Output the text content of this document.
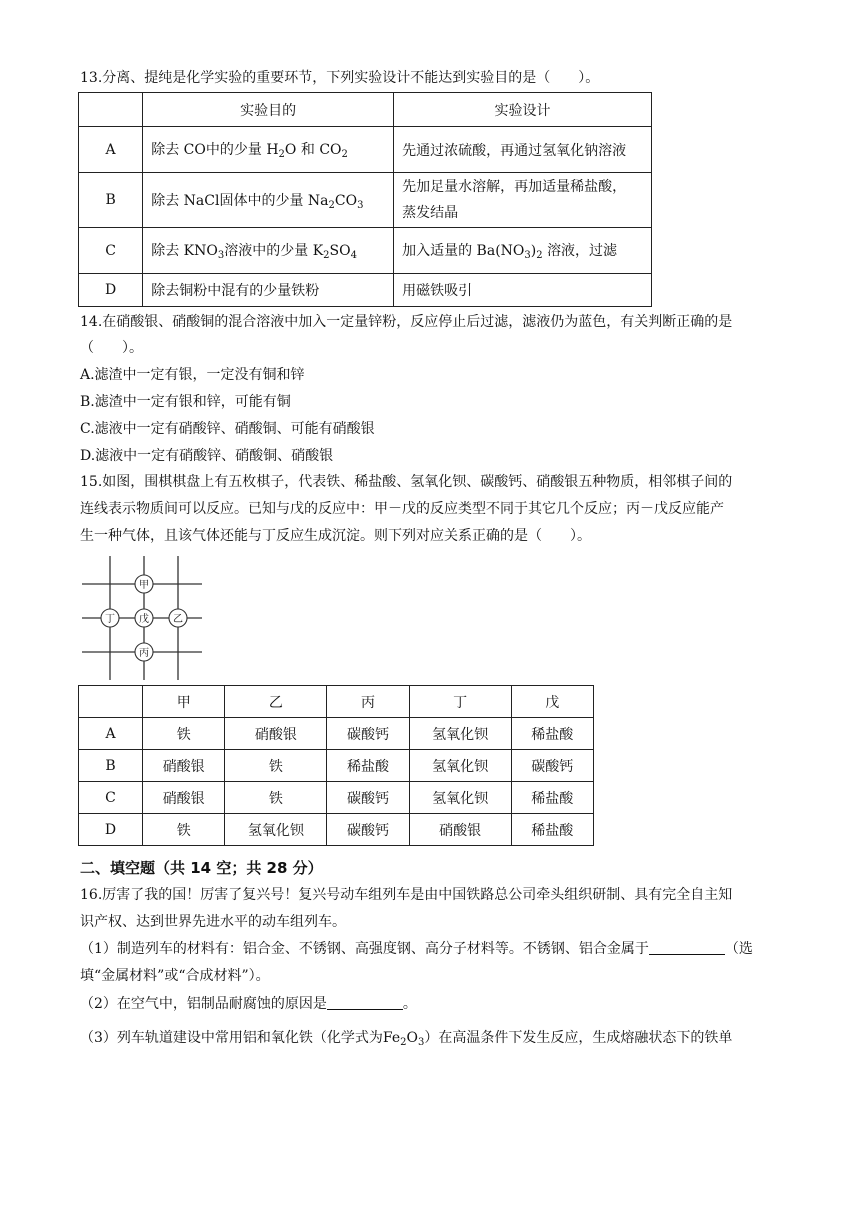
13.分离、提纯是化学实验的重要环节，下列实验设计不能达到实验目的是（　　）。
	实验目的	实验设计
A	除去 CO中的少量 $H_2O$ 和 $CO_2$	先通过浓硫酸，再通过氢氧化钠溶液
B	除去 NaCl固体中的少量 $Na_2CO_3$	先加足量水溶解，再加适量稀盐酸，
蒸发结晶
C	除去 $KNO_3$溶液中的少量 $K_2SO_4$	加入适量的 $Ba(NO_3)_2$ 溶液，过滤
D	除去铜粉中混有的少量铁粉	用磁铁吸引
14.在硝酸银、硝酸铜的混合溶液中加入一定量锌粉，反应停止后过滤，滤液仍为蓝色，有关判断正确的是
（　　）。
A.滤渣中一定有银，一定没有铜和锌
B.滤渣中一定有银和锌，可能有铜
C.滤液中一定有硝酸锌、硝酸铜、可能有硝酸银
D.滤液中一定有硝酸锌、硝酸铜、硝酸银
15.如图，围棋棋盘上有五枚棋子，代表铁、稀盐酸、氢氧化钡、碳酸钙、硝酸银五种物质，相邻棋子间的
连线表示物质间可以反应。已知与戊的反应中：甲－戊的反应类型不同于其它几个反应；丙－戊反应能产
生一种气体，且该气体还能与丁反应生成沉淀。则下列对应关系正确的是（　　）。
甲
丁 戊 乙
丙
	甲	乙	丙	丁	戊
A	铁	硝酸银	碳酸钙	氢氧化钡	稀盐酸
B	硝酸银	铁	稀盐酸	氢氧化钡	碳酸钙
C	硝酸银	铁	碳酸钙	氢氧化钡	稀盐酸
D	铁	氢氧化钡	碳酸钙	硝酸银	稀盐酸
二、填空题（共 14 空；共 28 分）
16.厉害了我的国！厉害了复兴号！复兴号动车组列车是由中国铁路总公司牵头组织研制、具有完全自主知
识产权、达到世界先进水平的动车组列车。
（1）制造列车的材料有：铝合金、不锈钢、高强度钢、高分子材料等。不锈钢、铝合金属于	（选
填“金属材料”或“合成材料”）。
（2）在空气中，铝制品耐腐蚀的原因是	。
（3）列车轨道建设中常用铝和氧化铁（化学式为$Fe_2O_3$）在高温条件下发生反应，生成熔融状态下的铁单
